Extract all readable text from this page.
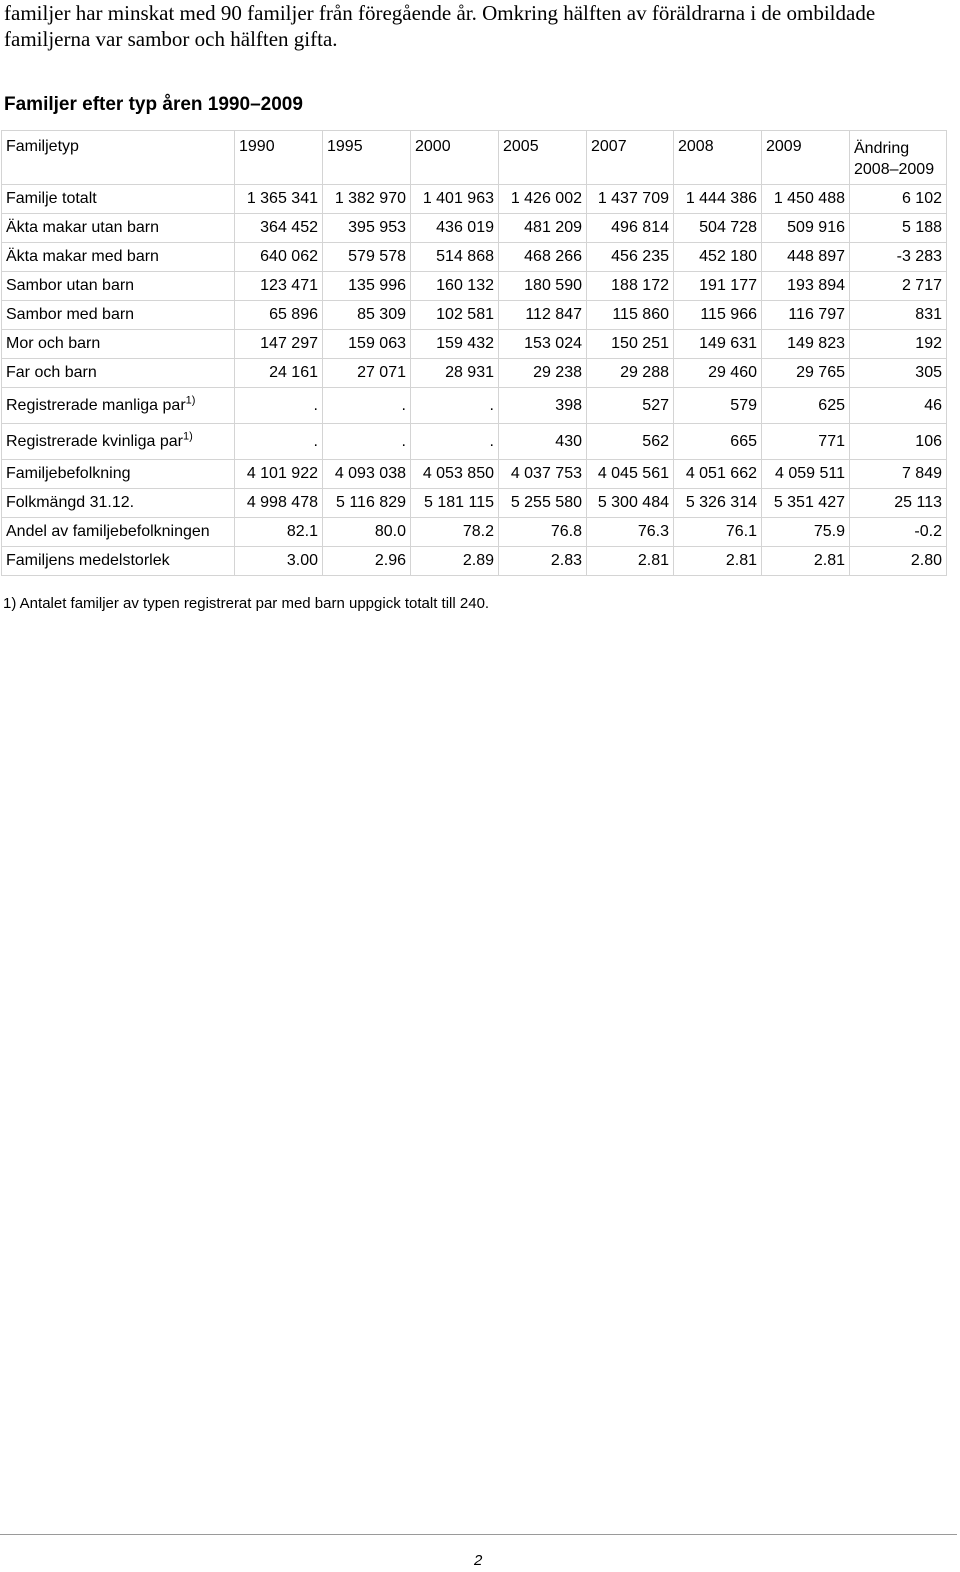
familjer har minskat med 90 familjer från föregående år. Omkring hälften av föräldrarna i de ombildade familjerna var sambor och hälften gifta.

Familjer efter typ åren 1990–2009
Familjetyp	1990	1995	2000	2005	2007	2008	2009	Ändring
2008–2009
Familje totalt	1 365 341	1 382 970	1 401 963	1 426 002	1 437 709	1 444 386	1 450 488	6 102
Äkta makar utan barn	364 452	395 953	436 019	481 209	496 814	504 728	509 916	5 188
Äkta makar med barn	640 062	579 578	514 868	468 266	456 235	452 180	448 897	-3 283
Sambor utan barn	123 471	135 996	160 132	180 590	188 172	191 177	193 894	2 717
Sambor med barn	65 896	85 309	102 581	112 847	115 860	115 966	116 797	831
Mor och barn	147 297	159 063	159 432	153 024	150 251	149 631	149 823	192
Far och barn	24 161	27 071	28 931	29 238	29 288	29 460	29 765	305
Registrerade manliga par$^{1)}$	.	.	.	398	527	579	625	46
Registrerade kvinliga par$^{1)}$	.	.	.	430	562	665	771	106
Familjebefolkning	4 101 922	4 093 038	4 053 850	4 037 753	4 045 561	4 051 662	4 059 511	7 849
Folkmängd 31.12.	4 998 478	5 116 829	5 181 115	5 255 580	5 300 484	5 326 314	5 351 427	25 113
Andel av familjebefolkningen	82.1	80.0	78.2	76.8	76.3	76.1	75.9	-0.2
Familjens medelstorlek	3.00	2.96	2.89	2.83	2.81	2.81	2.81	2.80

1) Antalet familjer av typen registrerat par med barn uppgick totalt till 240.

2
